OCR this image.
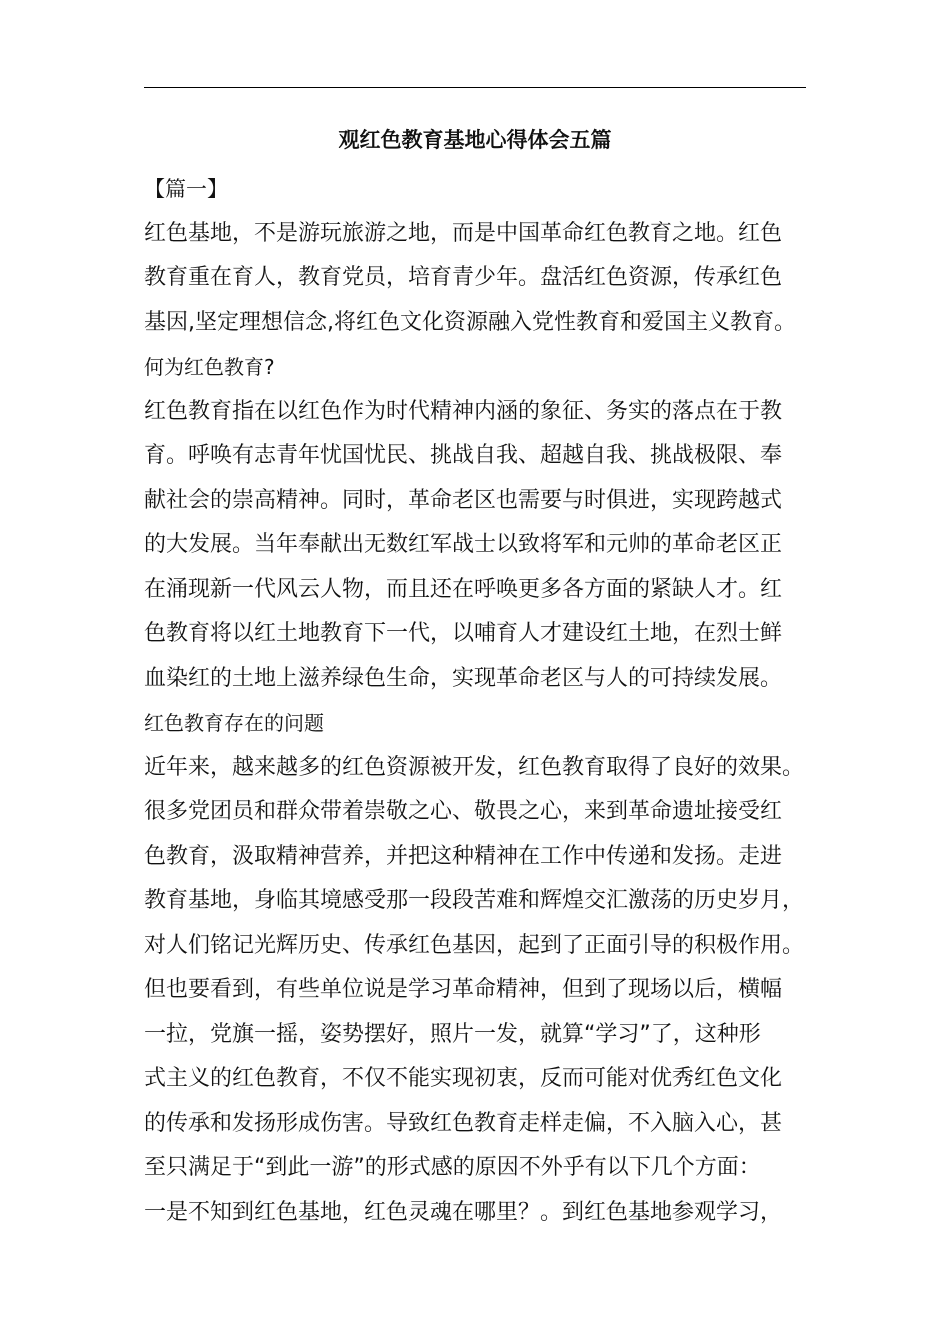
观红色教育基地心得体会五篇
【篇一】
红色基地，不是游玩旅游之地，而是中国革命红色教育之地。红色
教育重在育人，教育党员，培育青少年。盘活红色资源，传承红色
基因,坚定理想信念,将红色文化资源融入党性教育和爱国主义教育。
何为红色教育?
红色教育指在以红色作为时代精神内涵的象征、务实的落点在于教
育。呼唤有志青年忧国忧民、挑战自我、超越自我、挑战极限、奉
献社会的崇高精神。同时，革命老区也需要与时俱进，实现跨越式
的大发展。当年奉献出无数红军战士以致将军和元帅的革命老区正
在涌现新一代风云人物，而且还在呼唤更多各方面的紧缺人才。红
色教育将以红土地教育下一代，以哺育人才建设红土地，在烈士鲜
血染红的土地上滋养绿色生命，实现革命老区与人的可持续发展。
红色教育存在的问题
近年来，越来越多的红色资源被开发，红色教育取得了良好的效果。
很多党团员和群众带着崇敬之心、敬畏之心，来到革命遗址接受红
色教育，汲取精神营养，并把这种精神在工作中传递和发扬。走进
教育基地，身临其境感受那一段段苦难和辉煌交汇激荡的历史岁月，
对人们铭记光辉历史、传承红色基因，起到了正面引导的积极作用。
但也要看到，有些单位说是学习革命精神，但到了现场以后，横幅
一拉，党旗一摇，姿势摆好，照片一发，就算“学习”了，这种形
式主义的红色教育，不仅不能实现初衷，反而可能对优秀红色文化
的传承和发扬形成伤害。导致红色教育走样走偏，不入脑入心，甚
至只满足于“到此一游”的形式感的原因不外乎有以下几个方面：
一是不知到红色基地，红色灵魂在哪里？。到红色基地参观学习，
